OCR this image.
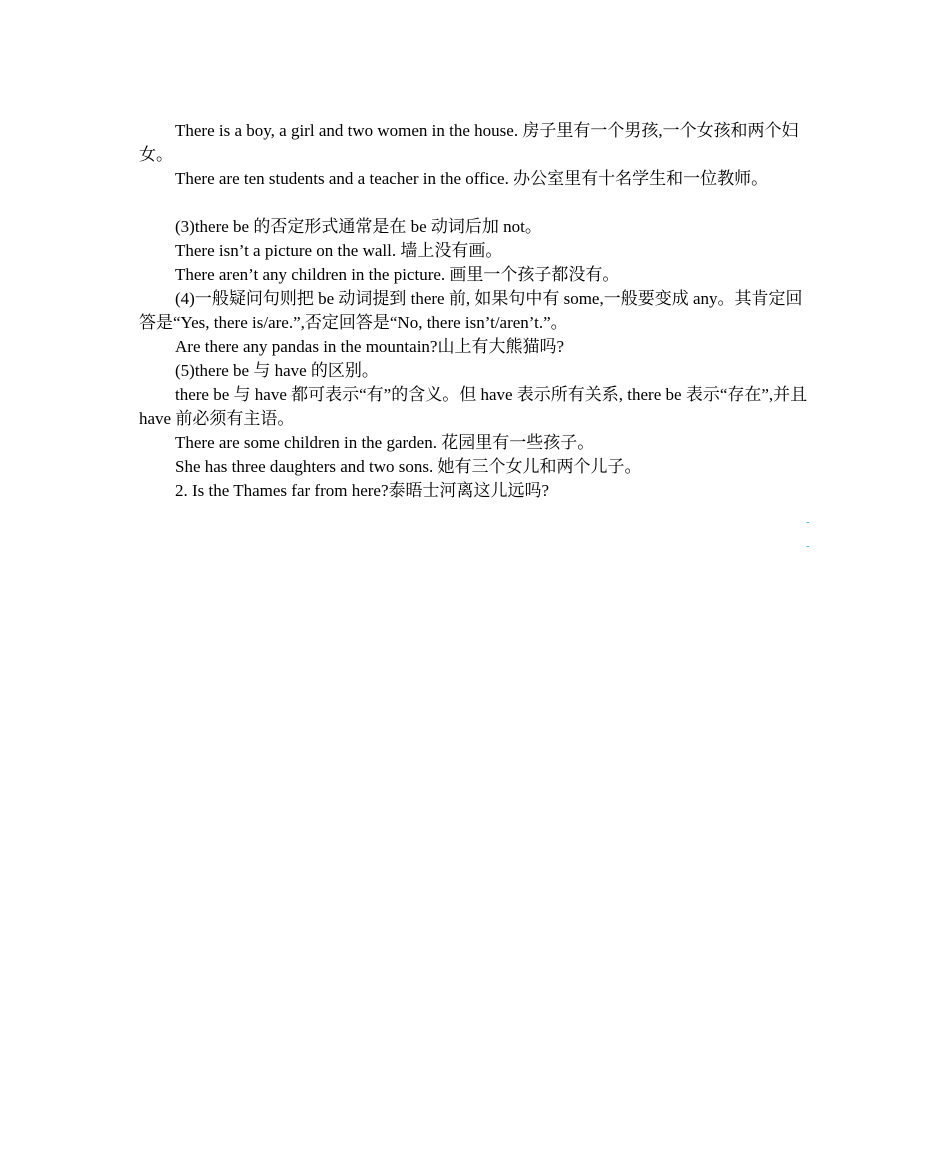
There is a boy, a girl and two women in the house. 房子里有一个男孩,一个女孩和两个妇女。

There are ten students and a teacher in the office. 办公室里有十名学生和一位教师。

(3)there be 的否定形式通常是在 be 动词后加 not。

There isn’t a picture on the wall. 墙上没有画。

There aren’t any children in the picture. 画里一个孩子都没有。

(4)一般疑问句则把 be 动词提到 there 前, 如果句中有 some,一般要变成 any。其肯定回答是“Yes, there is/are.”,否定回答是“No, there isn’t/aren’t.”。

Are there any pandas in the mountain?山上有大熊猫吗?

(5)there be 与 have 的区别。

there be 与 have 都可表示“有”的含义。但 have 表示所有关系, there be 表示“存在”,并且 have 前必须有主语。

There are some children in the garden. 花园里有一些孩子。

She has three daughters and two sons. 她有三个女儿和两个儿子。

2. Is the Thames far from here?泰晤士河离这儿远吗?

-
-
